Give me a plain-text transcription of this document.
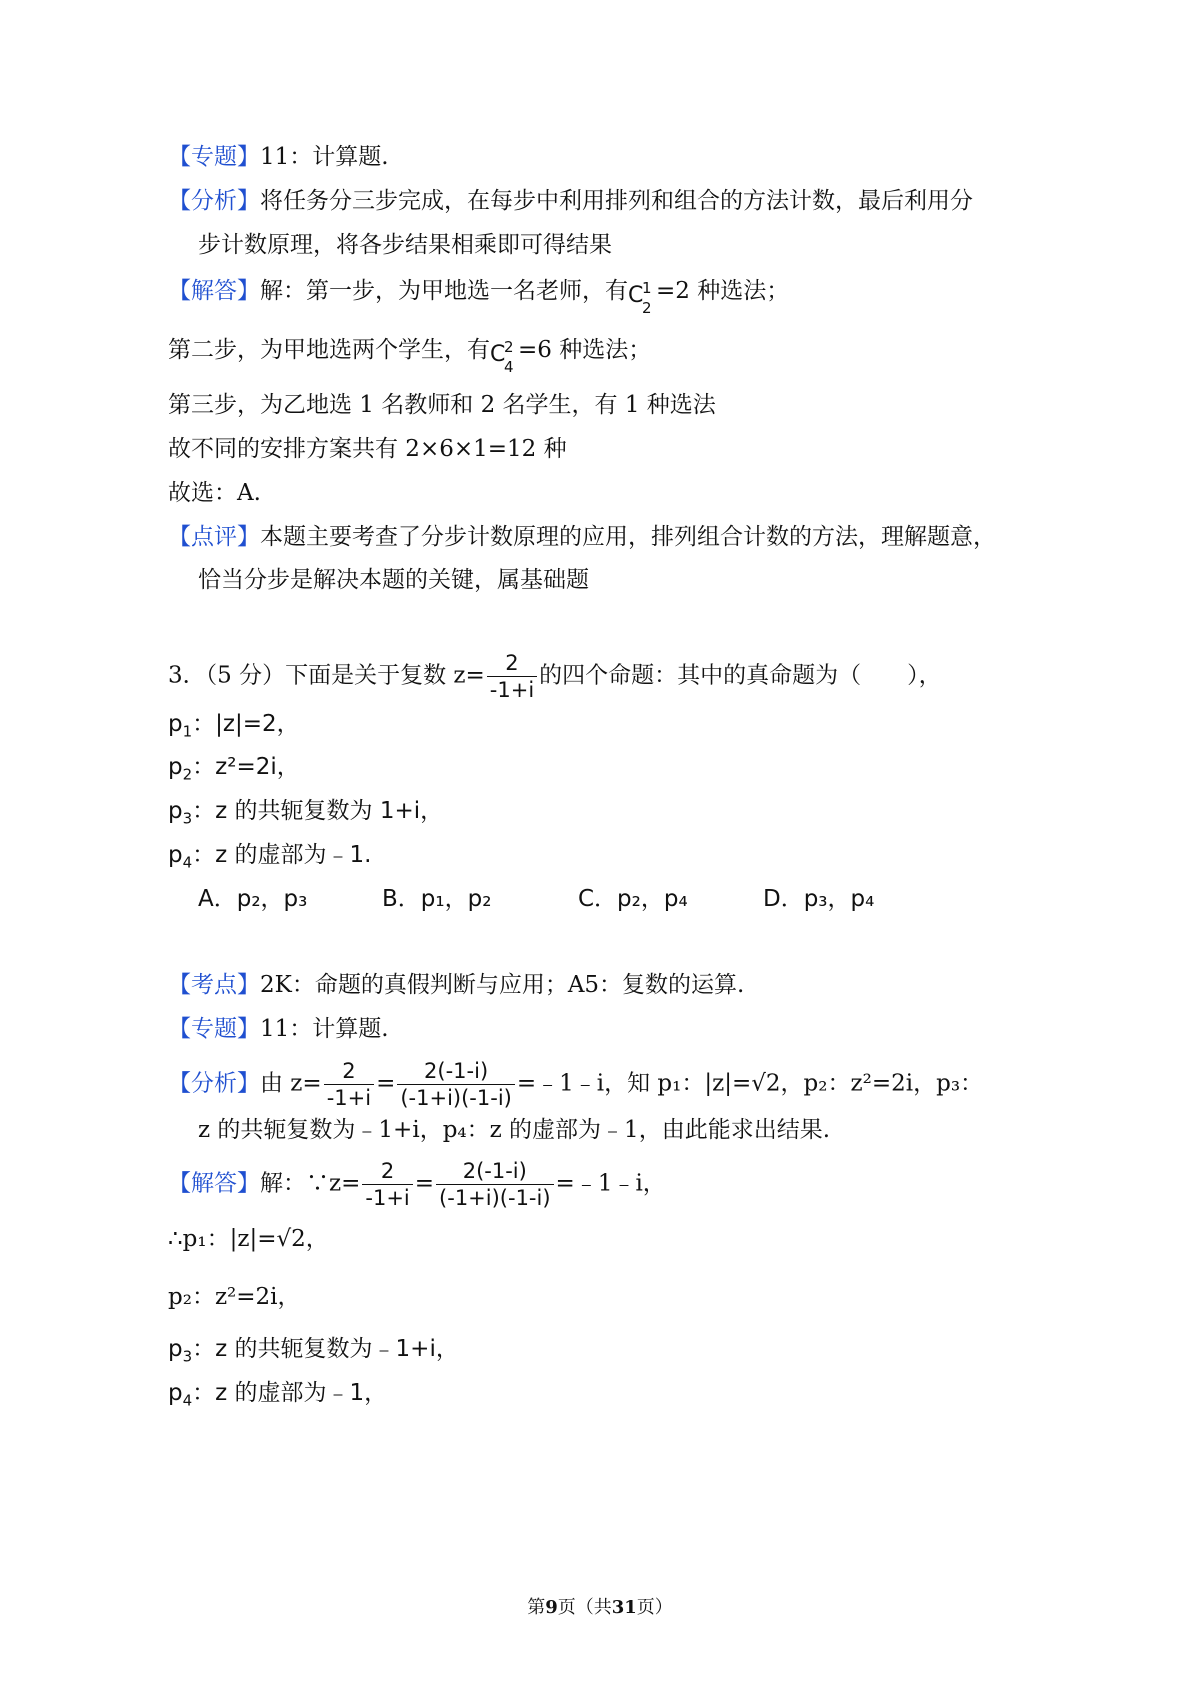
【专题】11：计算题.
【分析】将任务分三步完成，在每步中利用排列和组合的方法计数，最后利用分
步计数原理，将各步结果相乘即可得结果
【解答】解：第一步，为甲地选一名老师，有 C
1
2
=2 种选法；
第二步，为甲地选两个学生，有 C
2
4
=6 种选法；
第三步，为乙地选 1 名教师和 2 名学生，有 1 种选法
故不同的安排方案共有 2×6×1=12 种
故选：A.
【点评】本题主要考查了分步计数原理的应用，排列组合计数的方法，理解题意，
恰当分步是解决本题的关键，属基础题
3．（5 分）下面是关于复数 $z= \frac{2}{-1+i}$ 的四个命题：其中的真命题为（　　），
$p_1$：|z|=2，
$p_2$：z²=2i，
$p_3$：z 的共轭复数为 1+i，
$p_4$：z 的虚部为﹣1.
A．p₂，p₃	B．p₁，p₂	C．p₂，p₄	D．p₃，p₄
【考点】2K：命题的真假判断与应用；A5：复数的运算.
【专题】11：计算题.
【分析】由 $z= \frac{2}{-1+i} = \frac{2(-1-i)}{(-1+i)(-1-i)}$ =﹣1﹣i，知 p₁：|z|=√2，p₂：z²=2i，p₃：
z 的共轭复数为﹣1+i，p₄：z 的虚部为﹣1，由此能求出结果.
【解答】解：∵z= $\frac{2}{-1+i} = \frac{2(-1-i)}{(-1+i)(-1-i)}$ =﹣1﹣i，
∴p₁：|z|=√2，
p₂：z²=2i，
$p_3$：z 的共轭复数为﹣1+i，
$p_4$：z 的虚部为﹣1，
第9页（共31页）
